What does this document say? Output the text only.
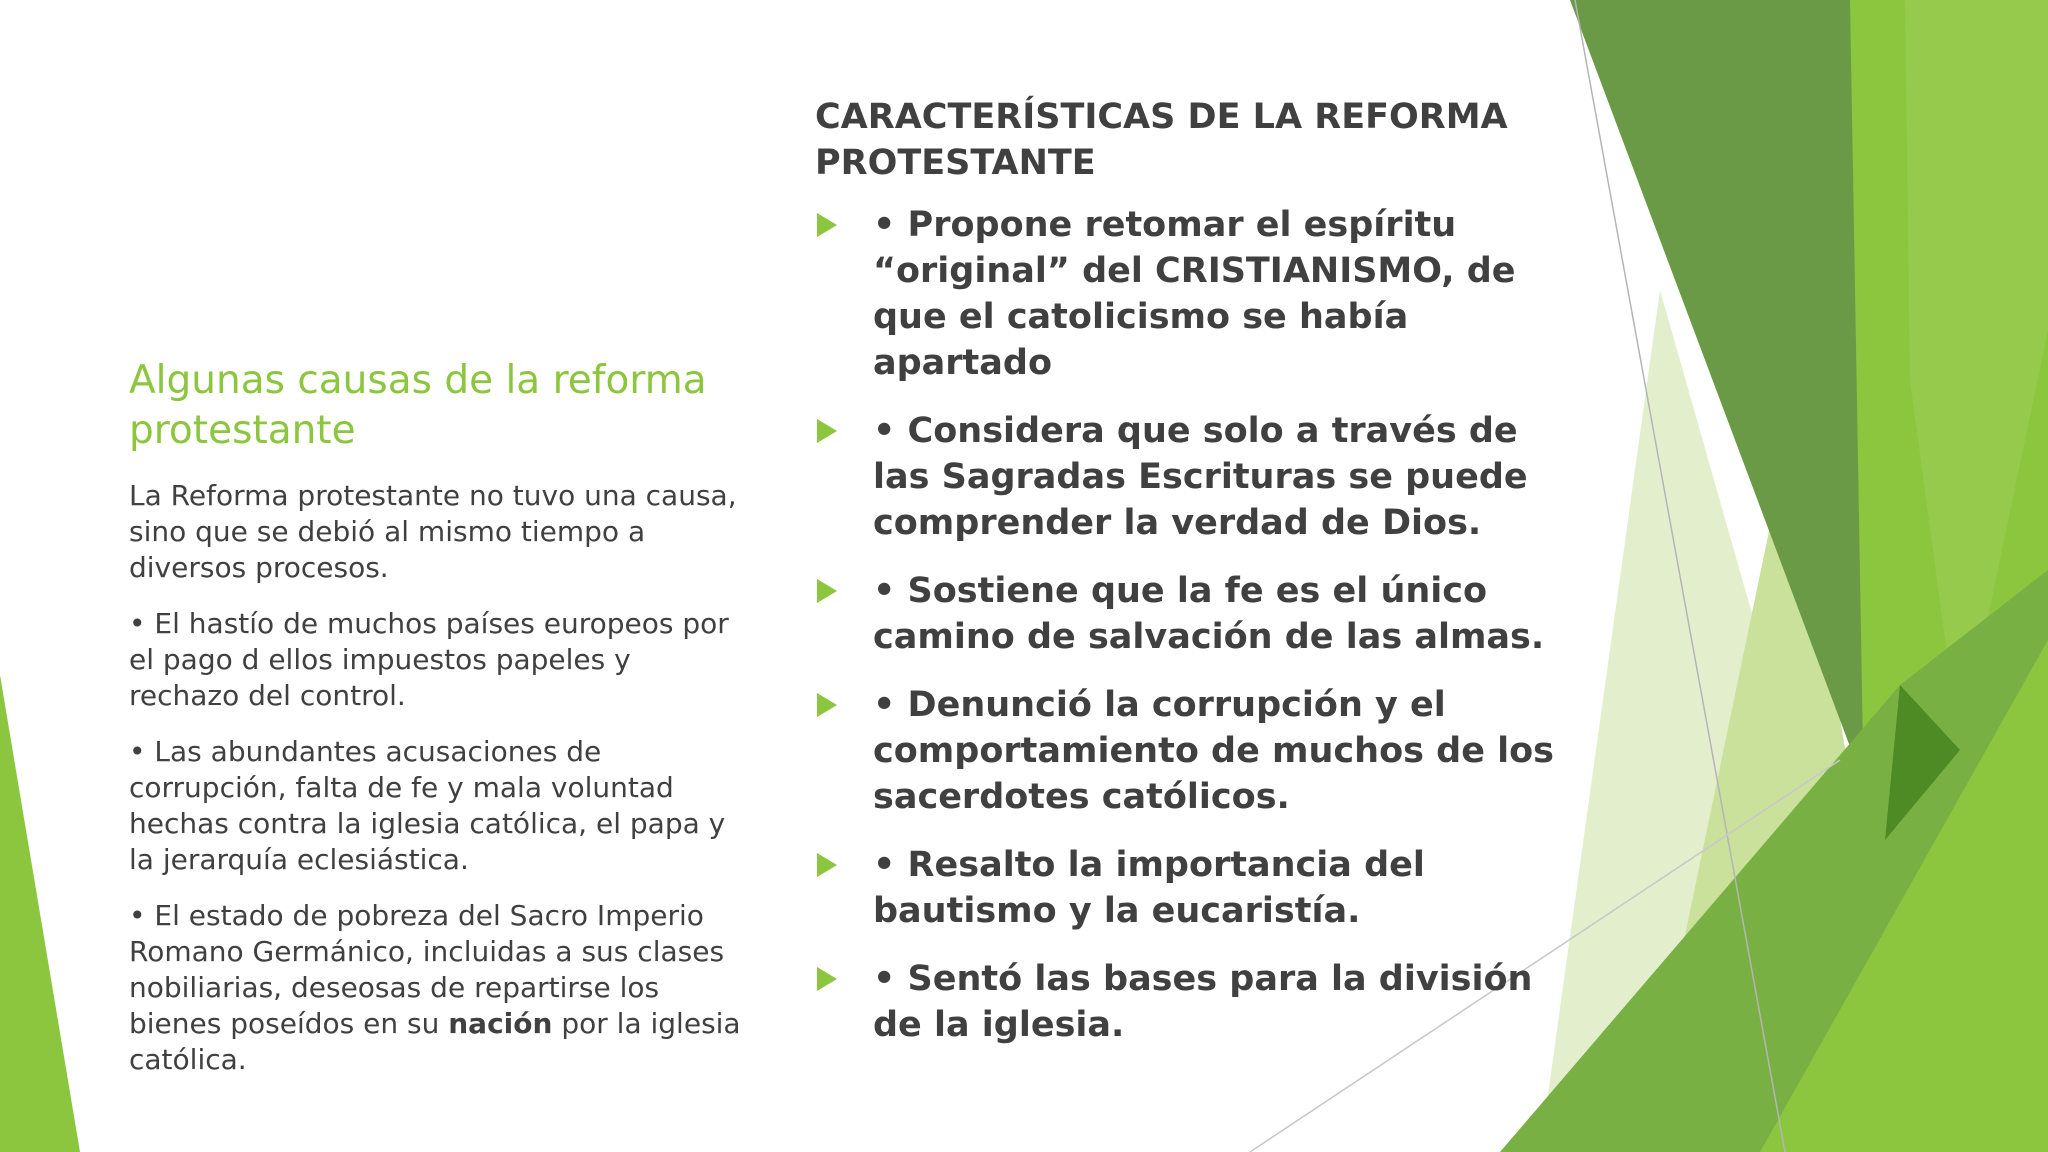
Algunas causas de la reforma protestante

La Reforma protestante no tuvo una causa, sino que se debió al mismo tiempo a diversos procesos.

• El hastío de muchos países europeos por el pago d ellos impuestos papeles y rechazo del control.

• Las abundantes acusaciones de corrupción, falta de fe y mala voluntad hechas contra la iglesia católica, el papa y la jerarquía eclesiástica.

• El estado de pobreza del Sacro Imperio Romano Germánico, incluidas a sus clases nobiliarias, deseosas de repartirse los bienes poseídos en su nación por la iglesia católica.

CARACTERÍSTICAS DE LA REFORMA PROTESTANTE
• Propone retomar el espíritu “original” del CRISTIANISMO, de que el catolicismo se había apartado
• Considera que solo a través de las Sagradas Escrituras se puede comprender la verdad de Dios.
• Sostiene que la fe es el único camino de salvación de las almas.
• Denunció la corrupción y el comportamiento de muchos de los sacerdotes católicos.
• Resalto la importancia del bautismo y la eucaristía.
• Sentó las bases para la división de la iglesia.
